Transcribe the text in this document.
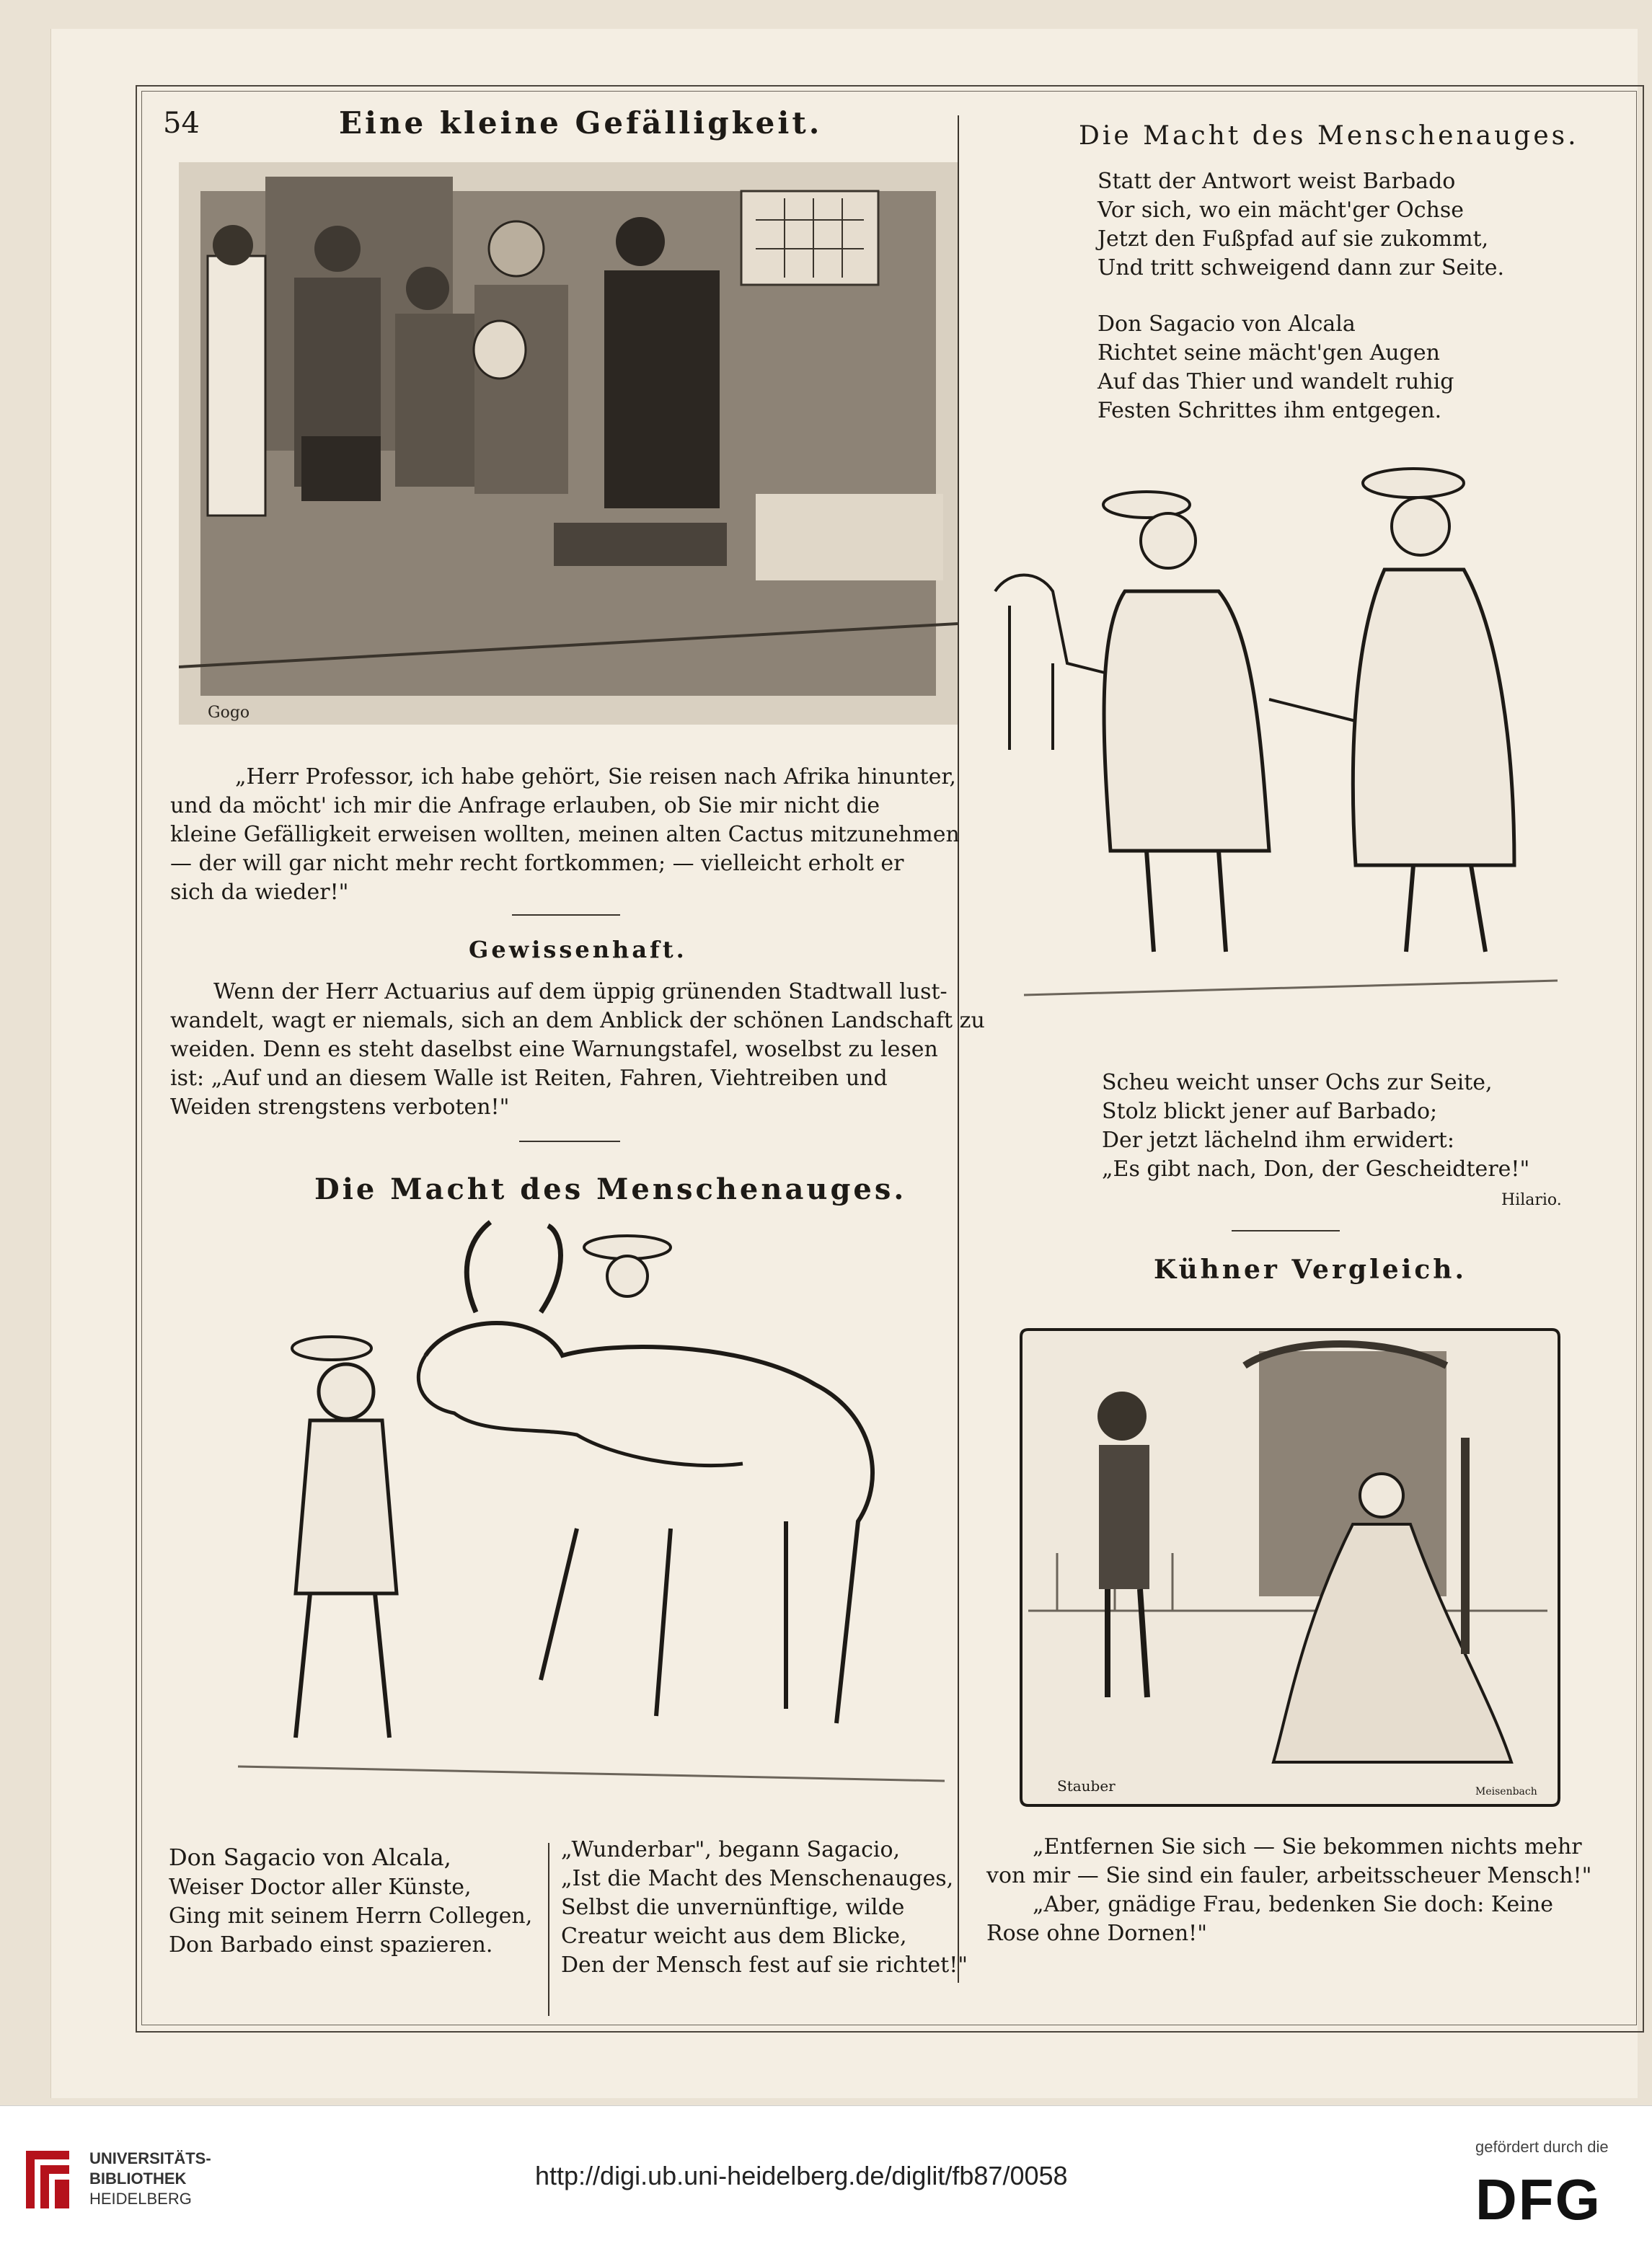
54	Eine kleine Gefälligkeit.
Gogo
„Herr Professor, ich habe gehört, Sie reisen nach Afrika hinunter,
und da möcht' ich mir die Anfrage erlauben, ob Sie mir nicht die
kleine Gefälligkeit erweisen wollten, meinen alten Cactus mitzunehmen
— der will gar nicht mehr recht fortkommen; — vielleicht erholt er
sich da wieder!"
Gewissenhaft.
Wenn der Herr Actuarius auf dem üppig grünenden Stadtwall lust-
wandelt, wagt er niemals, sich an dem Anblick der schönen Landschaft zu
weiden. Denn es steht daselbst eine Warnungstafel, woselbst zu lesen
ist: „Auf und an diesem Walle ist Reiten, Fahren, Viehtreiben und
Weiden strengstens verboten!"
Die Macht des Menschenauges.
Don Sagacio von Alcala,
Weiser Doctor aller Künste,
Ging mit seinem Herrn Collegen,
Don Barbado einst spazieren.
„Wunderbar", begann Sagacio,
„Ist die Macht des Menschenauges,
Selbst die unvernünftige, wilde
Creatur weicht aus dem Blicke,
Den der Mensch fest auf sie richtet!"
Die Macht des Menschenauges.
Statt der Antwort weist Barbado
Vor sich, wo ein mächt'ger Ochse
Jetzt den Fußpfad auf sie zukommt,
Und tritt schweigend dann zur Seite.
Don Sagacio von Alcala
Richtet seine mächt'gen Augen
Auf das Thier und wandelt ruhig
Festen Schrittes ihm entgegen.
Scheu weicht unser Ochs zur Seite,
Stolz blickt jener auf Barbado;
Der jetzt lächelnd ihm erwidert:
„Es gibt nach, Don, der Gescheidtere!"
Hilario.
Kühner Vergleich.
Stauber	Meisenbach
„Entfernen Sie sich — Sie bekommen nichts mehr
von mir — Sie sind ein fauler, arbeitsscheuer Mensch!"
„Aber, gnädige Frau, bedenken Sie doch: Keine
Rose ohne Dornen!"
UNIVERSITÄTS-
BIBLIOTHEK
HEIDELBERG
http://digi.ub.uni-heidelberg.de/diglit/fb87/0058
gefördert durch die
DFG
